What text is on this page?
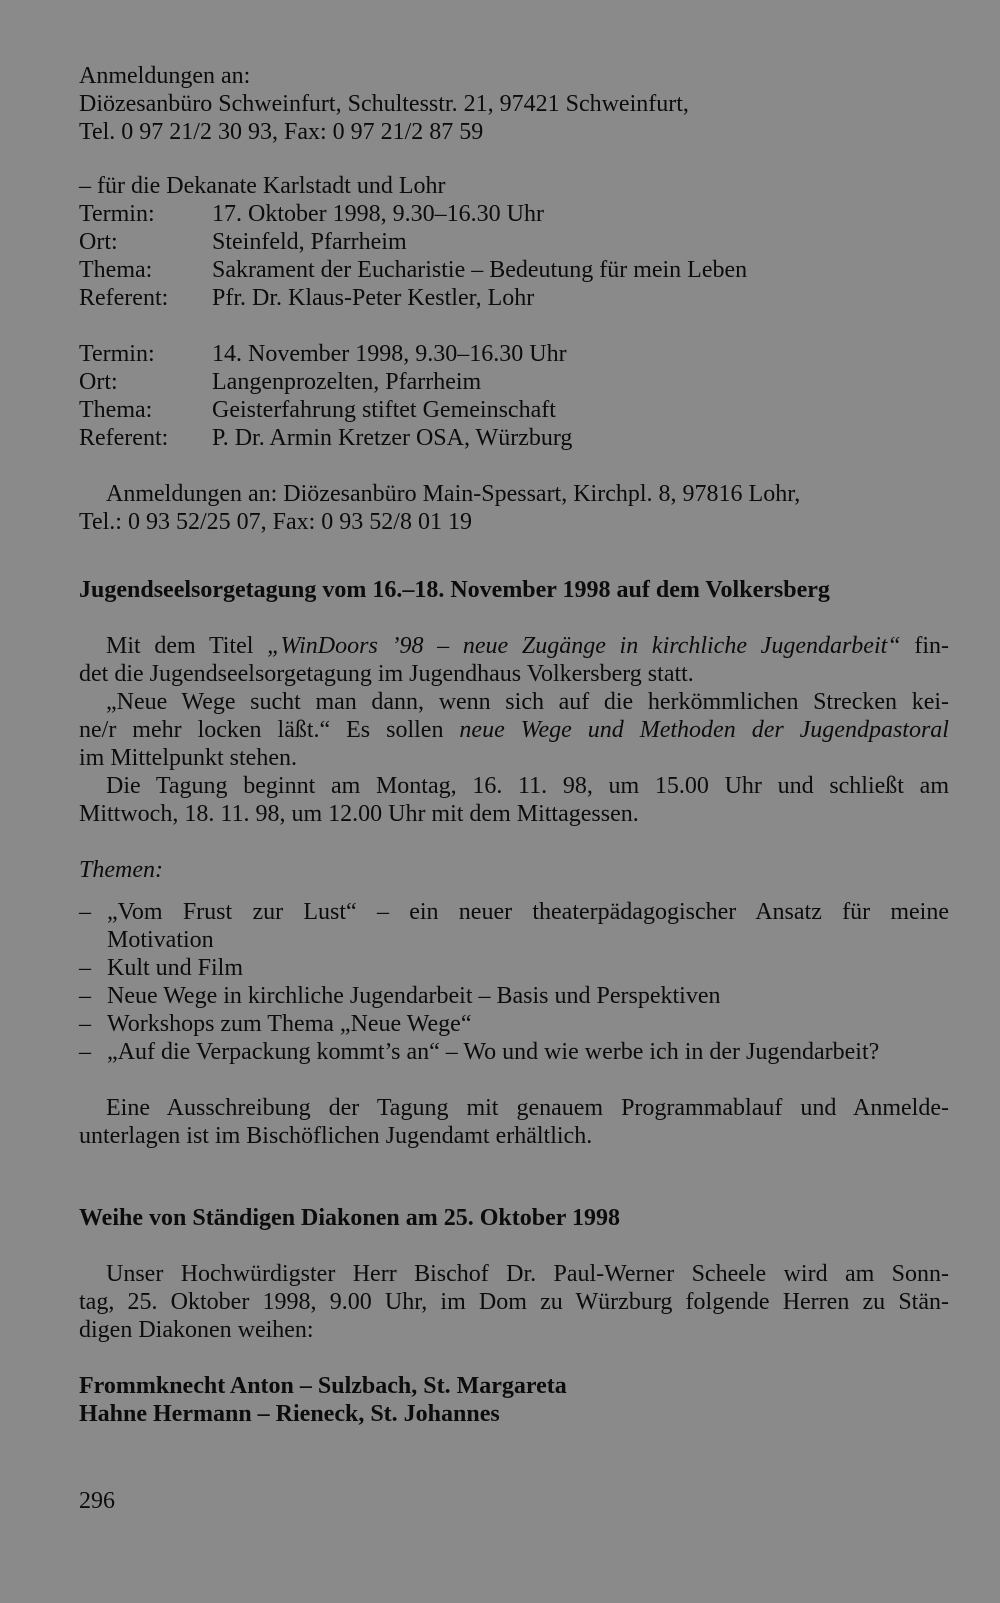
Anmeldungen an:
Diözesanbüro Schweinfurt, Schultesstr. 21, 97421 Schweinfurt,
Tel. 0 97 21/2 30 93, Fax: 0 97 21/2 87 59
– für die Dekanate Karlstadt und Lohr
Termin:	17. Oktober 1998, 9.30–16.30 Uhr
Ort:	Steinfeld, Pfarrheim
Thema:	Sakrament der Eucharistie – Bedeutung für mein Leben
Referent:	Pfr. Dr. Klaus-Peter Kestler, Lohr
Termin:	14. November 1998, 9.30–16.30 Uhr
Ort:	Langenprozelten, Pfarrheim
Thema:	Geisterfahrung stiftet Gemeinschaft
Referent:	P. Dr. Armin Kretzer OSA, Würzburg
Anmeldungen an: Diözesanbüro Main-Spessart, Kirchpl. 8, 97816 Lohr,
Tel.: 0 93 52/25 07, Fax: 0 93 52/8 01 19
Jugendseelsorgetagung vom 16.–18. November 1998 auf dem Volkersberg
Mit dem Titel „WinDoors ’98 – neue Zugänge in kirchliche Jugendarbeit“ fin-
det die Jugendseelsorgetagung im Jugendhaus Volkersberg statt.
„Neue Wege sucht man dann, wenn sich auf die herkömmlichen Strecken kei-
ne/r mehr locken läßt.“ Es sollen neue Wege und Methoden der Jugendpastoral
im Mittelpunkt stehen.
Die Tagung beginnt am Montag, 16. 11. 98, um 15.00 Uhr und schließt am
Mittwoch, 18. 11. 98, um 12.00 Uhr mit dem Mittagessen.
Themen:
– „Vom Frust zur Lust“ – ein neuer theaterpädagogischer Ansatz für meine
Motivation
– Kult und Film
– Neue Wege in kirchliche Jugendarbeit – Basis und Perspektiven
– Workshops zum Thema „Neue Wege“
– „Auf die Verpackung kommt’s an“ – Wo und wie werbe ich in der Jugendarbeit?
Eine Ausschreibung der Tagung mit genauem Programmablauf und Anmelde-
unterlagen ist im Bischöflichen Jugendamt erhältlich.
Weihe von Ständigen Diakonen am 25. Oktober 1998
Unser Hochwürdigster Herr Bischof Dr. Paul-Werner Scheele wird am Sonn-
tag, 25. Oktober 1998, 9.00 Uhr, im Dom zu Würzburg folgende Herren zu Stän-
digen Diakonen weihen:
Frommknecht Anton – Sulzbach, St. Margareta
Hahne Hermann – Rieneck, St. Johannes
296
